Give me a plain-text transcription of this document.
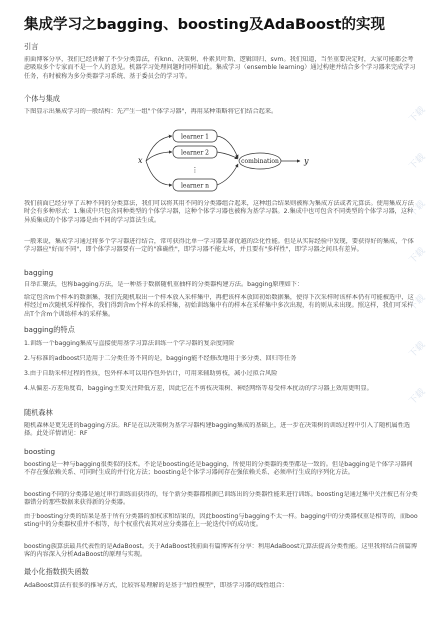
集成学习之bagging、boosting及AdaBoost的实现
引言
前面博客分享，我们已经讲解了不少分类算法，有knn、决策树、朴素贝叶斯、逻辑回归、svm。我们知道，当坐重要决定时，大家可能都会考虑吸取多个专家而不是一个人的意见。机器学习处理问题时同样如此。集成学习（ensemble learning）通过构建并结合多个学习器来完成学习任务，有时被称为多分类器学习系统、基于委员会的学习等。
个体与集成
下图显示出集成学习的一般结构：先产生一组"个体学习器"，再用某种策略将它们结合起来。
x
learner 1
learner 2
⋮
learner n
combination	y
我们前面已经分享了五种不同的分类算法，我们可以将其用不同的分类器组合起来，这种组合结果则被称为集成方法或者元算法。使用集成方法时会有多种形式：1.集成中只包含同种类型的个体学习器，这种个体学习器也被称为基学习器。2.集成中也可包含不同类型的个体学习器，这种异质集成的个体学习器是由不同的学习算法生成。
一般来说，集成学习通过将多个学习器进行结合，常可获得比单一学习器显著优越的泛化性能。但是从实际经验中发现，要获得好的集成，个体学习器应"好而不同"，即个体学习器要有一定的"准确性"，即学习器不能太坏，并且要有"多样性"，即学习器之间具有差异。
bagging
自举汇聚法，也称bagging方法，是一种基于数据随机重抽样的分类器构建方法。bagging原理如下：
给定包含m个样本的数据集，我们先随机取出一个样本放入采样集中，再把该样本放回初始数据集，使得下次采样时该样本仍有可能被选中，这样经过m次随机采样操作，我们得到含m个样本的采样集，初始训练集中有的样本在采样集中多次出现，有的则从未出现。照这样，我们可采样出T个含m个训练样本的采样集。
bagging的特点
1.训练一个bagging集成与直接使用基学习算法训练一个学习器的复杂度同阶
2.与标准的adboost只适用于二分类任务不同的是，bagging能不经修改地用于多分类、回归等任务
3.由于自助采样过程的性质，包外样本可以用作包外估计，可用来辅助剪枝，减小过拟合风险
4.从偏差-方差角度看，bagging主要关注降低方差，因此它在不剪枝决策树、神经网络等易受样本扰动的学习器上效用更明显。
随机森林
随机森林是更先进的bagging方法。RF是在以决策树为基学习器构建bagging集成的基础上，进一步在决策树的训练过程中引入了随机属性选择。此处详情请见：RF
boosting
boosting是一种与bagging很类似的技术。不论是boosting还是bagging，所使用的分类器的类型都是一致的。但是bagging是个体学习器间不存在强依赖关系、可同时生成的并行化方法；boosting是个体学习器间存在强依赖关系、必须串行生成的序列化方法。
boosting不同的分类器是通过串行训练而获得的，每个新分类器都根据已训练出的分类器性能来进行训练。boosting是通过集中关注被已有分类器错分的那些数据来获得新的分类器。
由于boosting分类的结果是基于所有分类器的加权求和结果的，因此boosting与bagging不太一样。bagging中的分类器权重是相等的，而boosting中的分类器权重并不相等，每个权重代表其对应分类器在上一轮迭代中的成功度。
boosting族算法最具代表性的是AdaBoost。关于AdaBoost我前面有篇博客有分享：利用AdaBoost元算法提高分类性能。这里我将结合前篇博客的内容深入分析AdaBoost的原理与实现。
最小化指数损失函数
AdaBoost算法有很多的推导方式，比较容易理解的是基于"加性模型"，即基学习器的线性组合：
下载
下载
下载
下载
下载
下载
下载
